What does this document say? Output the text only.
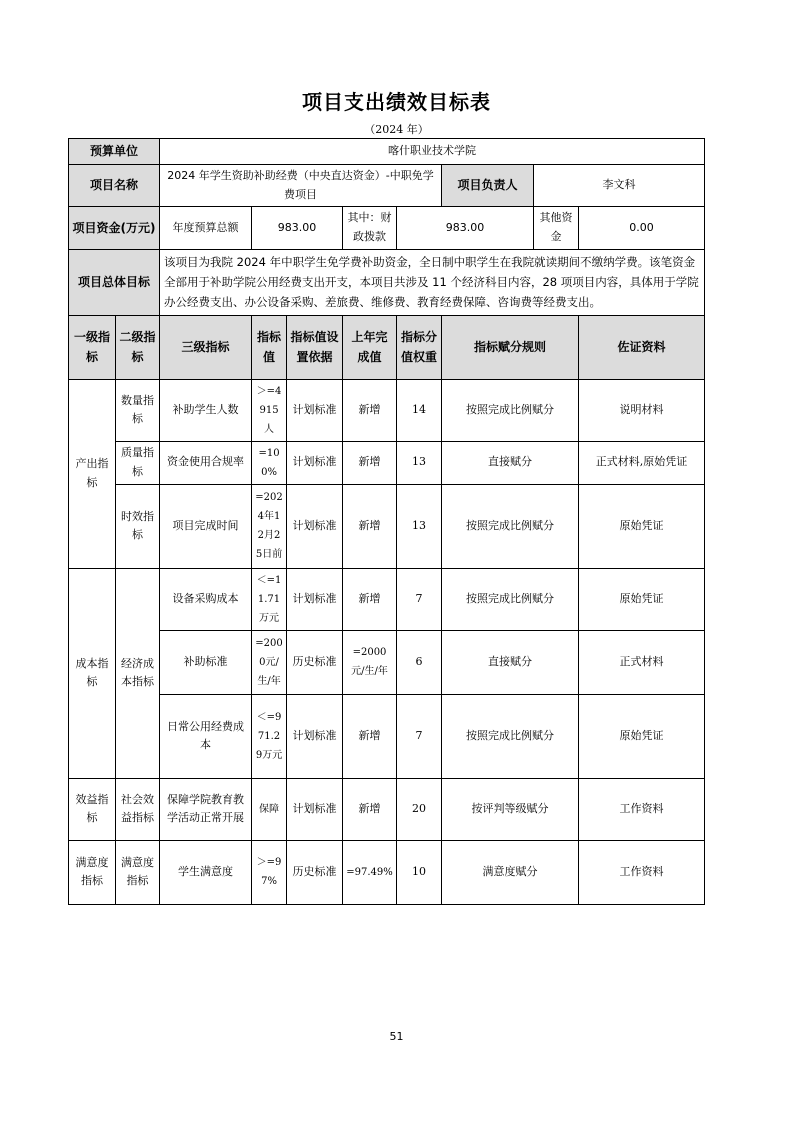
项目支出绩效目标表
（2024 年）
预算单位		喀什职业技术学院							
项目名称		2024 年学生资助补助经费（中央直达资金）-中职免学费项目					项目负责人	李文科	
项目资金(万元)		年度预算总额	983.00		其中：财政拨款	983.00		其他资金	0.00
项目总体目标		该项目为我院 2024 年中职学生免学费补助资金，全日制中职学生在我院就读期间不缴纳学费。该笔资金全部用于补助学院公用经费支出开支，本项目共涉及 11 个经济科目内容，28 项项目内容，具体用于学院办公经费支出、办公设备采购、差旅费、维修费、教育经费保障、咨询费等经费支出。							
一级指标	二级指标	三级指标	指标值	指标值设置依据	上年完成值	指标分值权重	指标赋分规则		佐证资料
产出指标	数量指标	补助学生人数	＞=4915人	计划标准	新增	14	按照完成比例赋分		说明材料
	质量指标	资金使用合规率	=100%	计划标准	新增	13	直接赋分		正式材料,原始凭证
	时效指标	项目完成时间	=2024年12月25日前	计划标准	新增	13	按照完成比例赋分		原始凭证
成本指标	经济成本指标	设备采购成本	＜=11.71万元	计划标准	新增	7	按照完成比例赋分		原始凭证
		补助标准	=2000元/生/年	历史标准	=2000元/生/年	6	直接赋分		正式材料
		日常公用经费成本	＜=971.29万元	计划标准	新增	7	按照完成比例赋分		原始凭证
效益指标	社会效益指标	保障学院教育教学活动正常开展	保障	计划标准	新增	20	按评判等级赋分		工作资料
满意度指标	满意度指标	学生满意度	＞=97%	历史标准	=97.49%	10	满意度赋分		工作资料
51
